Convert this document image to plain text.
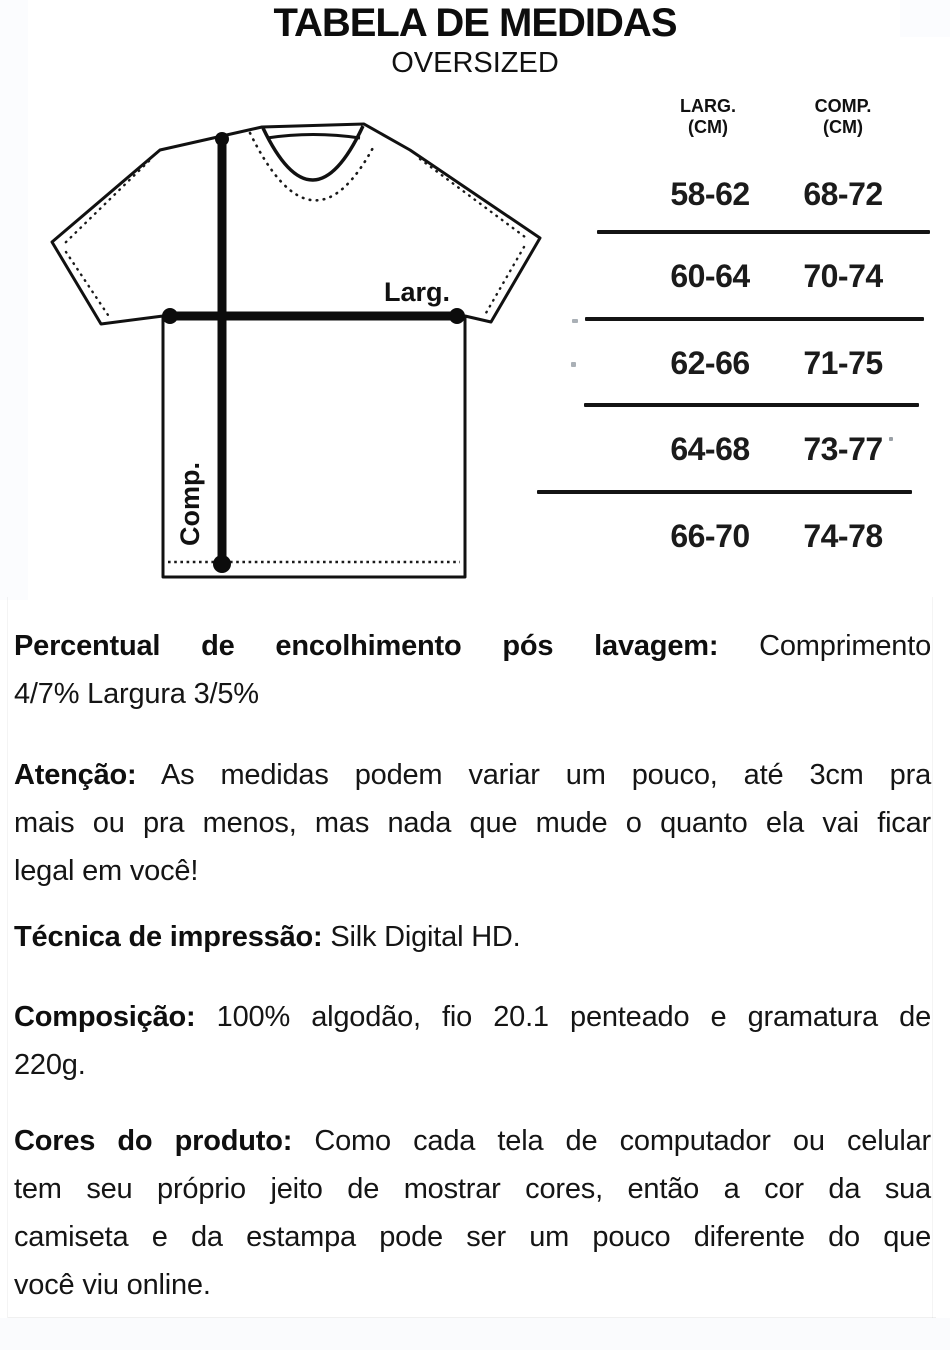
TABELA DE MEDIDAS
OVERSIZED
Larg.
Comp.
LARG.
(CM)
COMP.
(CM)
58-62	68-72
60-64	70-74
62-66	71-75
64-68	73-77
66-70	74-78
Percentual de encolhimento pós lavagem: Comprimento
4/7% Largura 3/5%
Atenção: As medidas podem variar um pouco, até 3cm pra
mais ou pra menos, mas nada que mude o quanto ela vai ficar
legal em você!
Técnica de impressão: Silk Digital HD.
Composição: 100% algodão, fio 20.1 penteado e gramatura de
220g.
Cores do produto: Como cada tela de computador ou celular
tem seu próprio jeito de mostrar cores, então a cor da sua
camiseta e da estampa pode ser um pouco diferente do que
você viu online.
